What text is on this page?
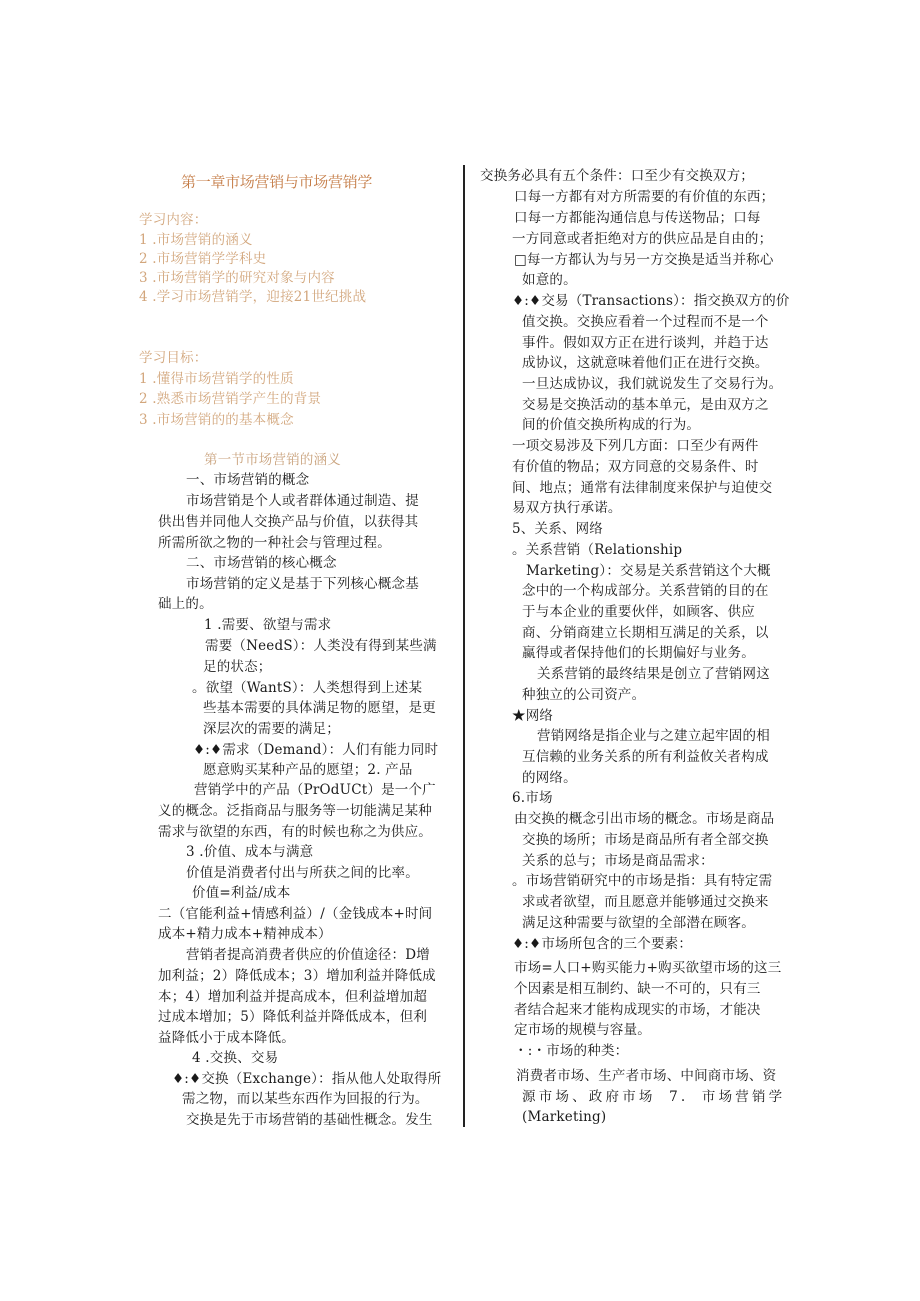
第一章市场营销与市场营销学
学习内容：
1 .市场营销的涵义
2 .市场营销学学科史
3 .市场营销学的研究对象与内容
4 .学习市场营销学，迎接21世纪挑战
学习目标：
1 .懂得市场营销学的性质
2 .熟悉市场营销学产生的背景
3 .市场营销的的基本概念
第一节市场营销的涵义
一、市场营销的概念
市场营销是个人或者群体通过制造、提
供出售并同他人交换产品与价值，以获得其
所需所欲之物的一种社会与管理过程。
二、市场营销的核心概念
市场营销的定义是基于下列核心概念基
础上的。
1 .需要、欲望与需求
需要（NeedS）：人类没有得到某些满
足的状态；
。欲望（WantS）：人类想得到上述某
些基本需要的具体满足物的愿望，是更
深层次的需要的满足；
♦:♦需求（Demand）：人们有能力同时
愿意购买某种产品的愿望；2. 产品
营销学中的产品（PrOdUCt）是一个广
义的概念。泛指商品与服务等一切能满足某种
需求与欲望的东西，有的时候也称之为供应。
3 .价值、成本与满意
价值是消费者付出与所获之间的比率。
价值=利益/成本
二（官能利益+情感利益）/（金钱成本+时间
成本+精力成本+精神成本）
营销者提高消费者供应的价值途径：D增
加利益；2）降低成本；3）增加利益并降低成
本；4）增加利益并提高成本，但利益增加超
过成本增加；5）降低利益并降低成本，但利
益降低小于成本降低。
4 .交换、交易
♦:♦交换（Exchange）：指从他人处取得所
需之物，而以某些东西作为回报的行为。
交换是先于市场营销的基础性概念。发生
交换务必具有五个条件：口至少有交换双方；
口每一方都有对方所需要的有价值的东西；
口每一方都能沟通信息与传送物品；口每
一方同意或者拒绝对方的供应品是自由的；
□每一方都认为与另一方交换是适当并称心
如意的。
♦:♦交易（Transactions）：指交换双方的价
值交换。交换应看着一个过程而不是一个
事件。假如双方正在进行谈判，并趋于达
成协议，这就意味着他们正在进行交换。
一旦达成协议，我们就说发生了交易行为。
交易是交换活动的基本单元，是由双方之
间的价值交换所构成的行为。
一项交易涉及下列几方面：口至少有两件
有价值的物品；双方同意的交易条件、时
间、地点；通常有法律制度来保护与迫使交
易双方执行承诺。
5、关系、网络
。关系营销（Relationship
Marketing）：交易是关系营销这个大概
念中的一个构成部分。关系营销的目的在
于与本企业的重要伙伴，如顾客、供应
商、分销商建立长期相互满足的关系，以
赢得或者保持他们的长期偏好与业务。
关系营销的最终结果是创立了营销网这
种独立的公司资产。
★网络
营销网络是指企业与之建立起牢固的相
互信赖的业务关系的所有利益攸关者构成
的网络。
6.市场
由交换的概念引出市场的概念。市场是商品
交换的场所；市场是商品所有者全部交换
关系的总与；市场是商品需求：
。市场营销研究中的市场是指：具有特定需
求或者欲望，而且愿意并能够通过交换来
满足这种需要与欲望的全部潜在顾客。
♦:♦市场所包含的三个要素：
市场=人口+购买能力+购买欲望市场的这三
个因素是相互制约、缺一不可的，只有三
者结合起来才能构成现实的市场，才能决
定市场的规模与容量。
・:・市场的种类：
消费者市场、生产者市场、中间商市场、资
源市场、政府市场 7. 市场营销学
(Marketing)
